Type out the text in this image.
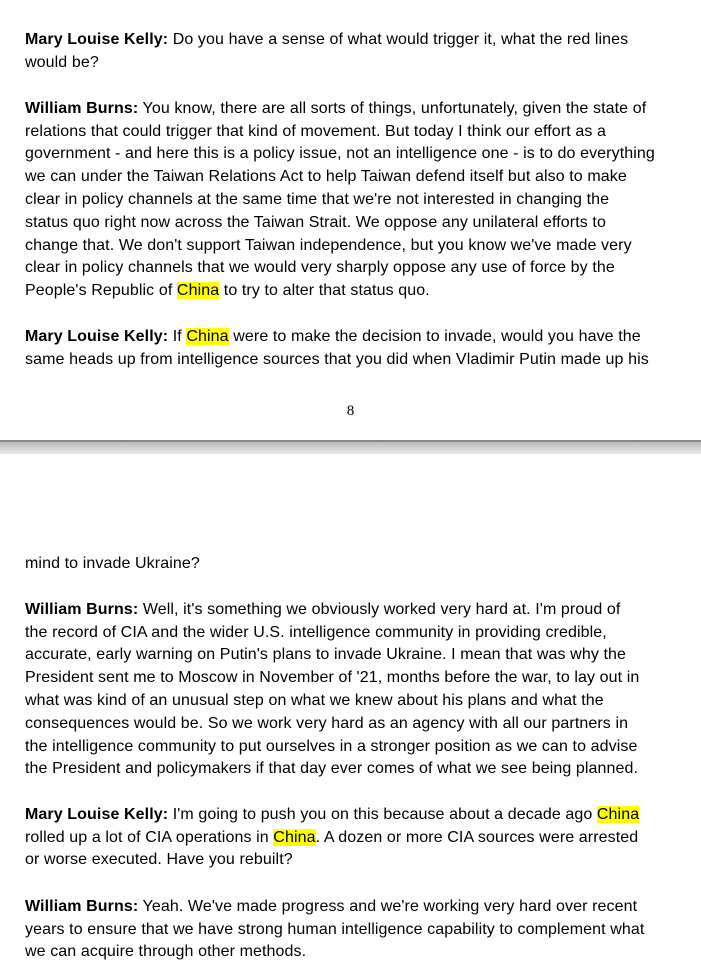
Mary Louise Kelly: Do you have a sense of what would trigger it, what the red lines
would be?

William Burns: You know, there are all sorts of things, unfortunately, given the state of
relations that could trigger that kind of movement. But today I think our effort as a
government - and here this is a policy issue, not an intelligence one - is to do everything
we can under the Taiwan Relations Act to help Taiwan defend itself but also to make
clear in policy channels at the same time that we're not interested in changing the
status quo right now across the Taiwan Strait. We oppose any unilateral efforts to
change that. We don't support Taiwan independence, but you know we've made very
clear in policy channels that we would very sharply oppose any use of force by the
People's Republic of China to try to alter that status quo.

Mary Louise Kelly: If China were to make the decision to invade, would you have the
same heads up from intelligence sources that you did when Vladimir Putin made up his

8

mind to invade Ukraine?

William Burns: Well, it's something we obviously worked very hard at. I'm proud of
the record of CIA and the wider U.S. intelligence community in providing credible,
accurate, early warning on Putin's plans to invade Ukraine. I mean that was why the
President sent me to Moscow in November of '21, months before the war, to lay out in
what was kind of an unusual step on what we knew about his plans and what the
consequences would be. So we work very hard as an agency with all our partners in
the intelligence community to put ourselves in a stronger position as we can to advise
the President and policymakers if that day ever comes of what we see being planned.

Mary Louise Kelly: I'm going to push you on this because about a decade ago China
rolled up a lot of CIA operations in China. A dozen or more CIA sources were arrested
or worse executed. Have you rebuilt?

William Burns: Yeah. We've made progress and we're working very hard over recent
years to ensure that we have strong human intelligence capability to complement what
we can acquire through other methods.
